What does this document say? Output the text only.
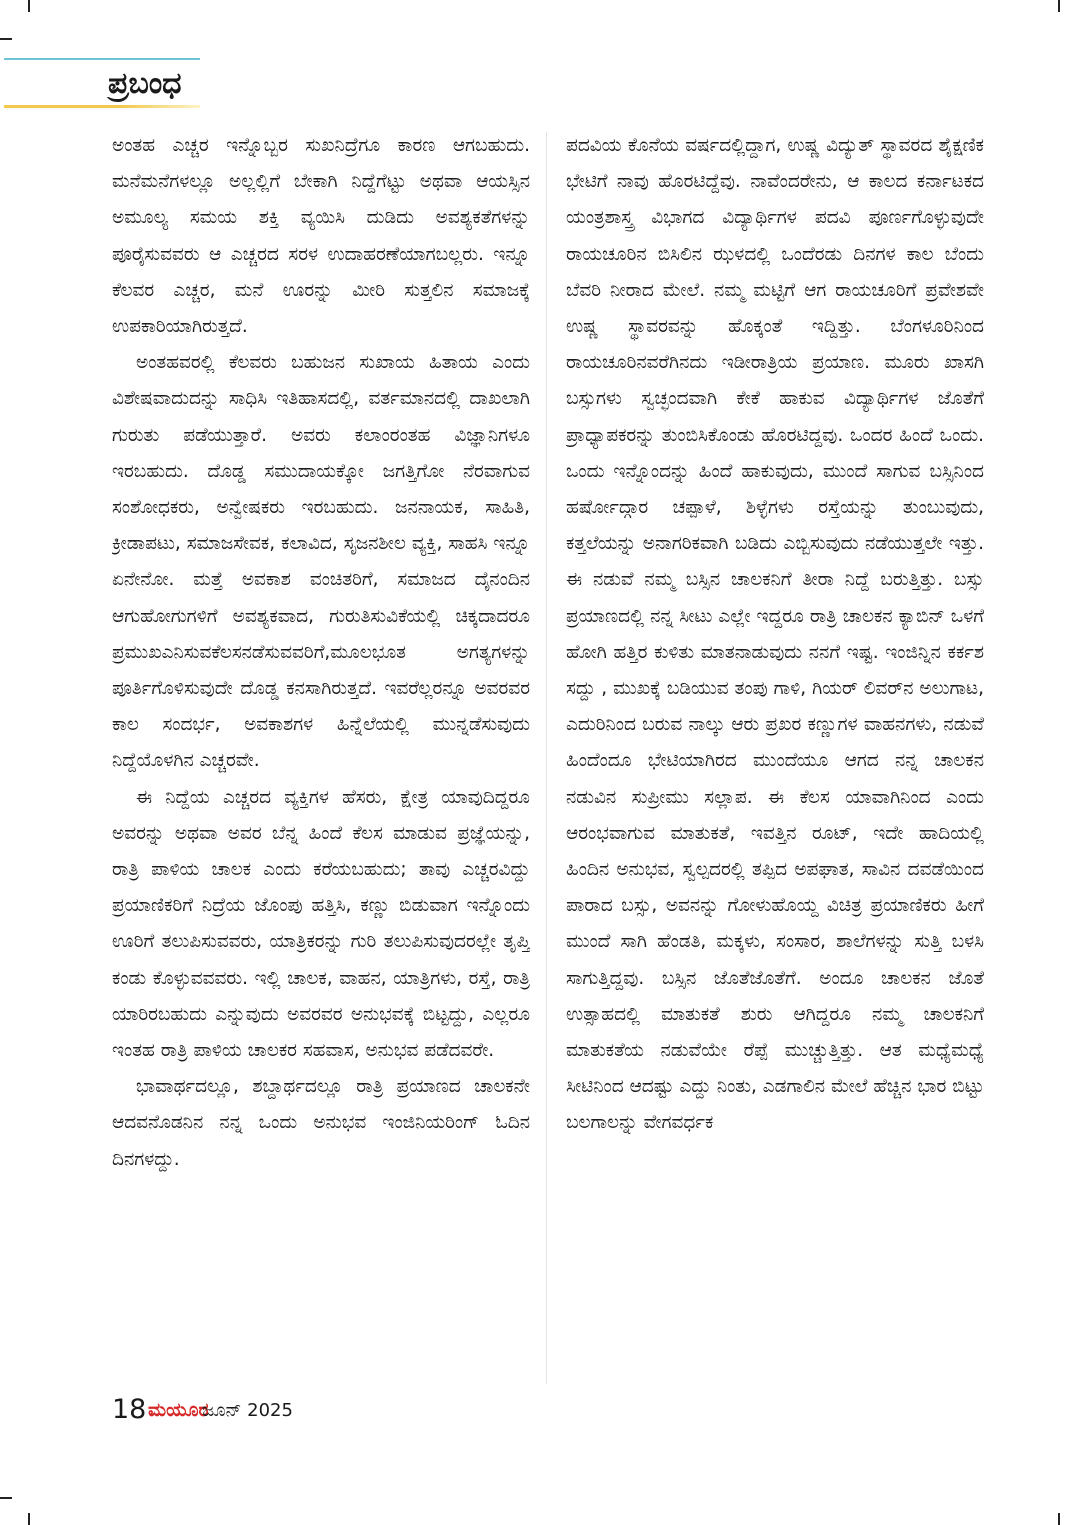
ಪ್ರಬಂಧ

ಅಂತಹ ಎಚ್ಚರ ಇನ್ನೊಬ್ಬರ ಸುಖನಿದ್ರೆಗೂ ಕಾರಣ ಆಗಬಹುದು. ಮನೆಮನೆಗಳಲ್ಲೂ ಅಲ್ಲಲ್ಲಿಗೆ ಬೇಕಾಗಿ ನಿದ್ದೆಗೆಟ್ಟು ಅಥವಾ ಆಯಸ್ಸಿನ ಅಮೂಲ್ಯ ಸಮಯ ಶಕ್ತಿ ವ್ಯಯಿಸಿ ದುಡಿದು ಅವಶ್ಯಕತೆಗಳನ್ನು ಪೂರೈಸುವವರು ಆ ಎಚ್ಚರದ ಸರಳ ಉದಾಹರಣೆಯಾಗಬಲ್ಲರು. ಇನ್ನೂ ಕೆಲವರ ಎಚ್ಚರ, ಮನೆ ಊರನ್ನು ಮೀರಿ ಸುತ್ತಲಿನ ಸಮಾಜಕ್ಕೆ ಉಪಕಾರಿಯಾಗಿರುತ್ತದೆ.

ಅಂತಹವರಲ್ಲಿ ಕೆಲವರು ಬಹುಜನ ಸುಖಾಯ ಹಿತಾಯ ಎಂದು ವಿಶೇಷವಾದುದನ್ನು ಸಾಧಿಸಿ ಇತಿಹಾಸದಲ್ಲಿ, ವರ್ತಮಾನದಲ್ಲಿ ದಾಖಲಾಗಿ ಗುರುತು ಪಡೆಯುತ್ತಾರೆ. ಅವರು ಕಲಾಂರಂತಹ ವಿಜ್ಞಾನಿಗಳೂ ಇರಬಹುದು. ದೊಡ್ಡ ಸಮುದಾಯಕ್ಕೋ ಜಗತ್ತಿಗೋ ನೆರವಾಗುವ ಸಂಶೋಧಕರು, ಅನ್ವೇಷಕರು ಇರಬಹುದು. ಜನನಾಯಕ, ಸಾಹಿತಿ, ಕ್ರೀಡಾಪಟು, ಸಮಾಜಸೇವಕ, ಕಲಾವಿದ, ಸೃಜನಶೀಲ ವ್ಯಕ್ತಿ, ಸಾಹಸಿ ಇನ್ನೂ ಏನೇನೋ. ಮತ್ತೆ ಅವಕಾಶ ವಂಚಿತರಿಗೆ, ಸಮಾಜದ ದೈನಂದಿನ ಆಗುಹೋಗುಗಳಿಗೆ ಅವಶ್ಯಕವಾದ, ಗುರುತಿಸುವಿಕೆಯಲ್ಲಿ ಚಿಕ್ಕದಾದರೂ ಪ್ರಮುಖಎನಿಸುವಕೆಲಸನಡೆಸುವವರಿಗೆ,ಮೂಲಭೂತ ಅಗತ್ಯಗಳನ್ನು ಪೂರ್ತಿಗೊಳಿಸುವುದೇ ದೊಡ್ಡ ಕನಸಾಗಿರುತ್ತದೆ. ಇವರೆಲ್ಲರನ್ನೂ ಅವರವರ ಕಾಲ ಸಂದರ್ಭ, ಅವಕಾಶಗಳ ಹಿನ್ನೆಲೆಯಲ್ಲಿ ಮುನ್ನಡೆಸುವುದು ನಿದ್ದೆಯೊಳಗಿನ ಎಚ್ಚರವೇ.

ಈ ನಿದ್ದೆಯ ಎಚ್ಚರದ ವ್ಯಕ್ತಿಗಳ ಹೆಸರು, ಕ್ಷೇತ್ರ ಯಾವುದಿದ್ದರೂ ಅವರನ್ನು ಅಥವಾ ಅವರ ಬೆನ್ನ ಹಿಂದೆ ಕೆಲಸ ಮಾಡುವ ಪ್ರಜ್ಞೆಯನ್ನು, ರಾತ್ರಿ ಪಾಳಿಯ ಚಾಲಕ ಎಂದು ಕರೆಯಬಹುದು; ತಾವು ಎಚ್ಚರವಿದ್ದು ಪ್ರಯಾಣಿಕರಿಗೆ ನಿದ್ರೆಯ ಜೊಂಪು ಹತ್ತಿಸಿ, ಕಣ್ಣು ಬಿಡುವಾಗ ಇನ್ನೊಂದು ಊರಿಗೆ ತಲುಪಿಸುವವರು, ಯಾತ್ರಿಕರನ್ನು ಗುರಿ ತಲುಪಿಸುವುದರಲ್ಲೇ ತೃಪ್ತಿ ಕಂಡು ಕೊಳ್ಳುವವವರು. ಇಲ್ಲಿ ಚಾಲಕ, ವಾಹನ, ಯಾತ್ರಿಗಳು, ರಸ್ತೆ, ರಾತ್ರಿ ಯಾರಿರಬಹುದು ಎನ್ನುವುದು ಅವರವರ ಅನುಭವಕ್ಕೆ ಬಿಟ್ಟದ್ದು, ಎಲ್ಲರೂ ಇಂತಹ ರಾತ್ರಿ ಪಾಳಿಯ ಚಾಲಕರ ಸಹವಾಸ, ಅನುಭವ ಪಡೆದವರೇ.

ಭಾವಾರ್ಥದಲ್ಲೂ, ಶಬ್ದಾರ್ಥದಲ್ಲೂ ರಾತ್ರಿ ಪ್ರಯಾಣದ ಚಾಲಕನೇ ಆದವನೊಡನಿನ ನನ್ನ ಒಂದು ಅನುಭವ ಇಂಜಿನಿಯರಿಂಗ್ ಓದಿನ ದಿನಗಳದ್ದು.

ಪದವಿಯ ಕೊನೆಯ ವರ್ಷದಲ್ಲಿದ್ದಾಗ, ಉಷ್ಣ ವಿದ್ಯುತ್ ಸ್ಥಾವರದ ಶೈಕ್ಷಣಿಕ ಭೇಟಿಗೆ ನಾವು ಹೊರಟಿದ್ದೆವು. ನಾವೆಂದರೇನು, ಆ ಕಾಲದ ಕರ್ನಾಟಕದ ಯಂತ್ರಶಾಸ್ತ್ರ ವಿಭಾಗದ ವಿದ್ಯಾರ್ಥಿಗಳ ಪದವಿ ಪೂರ್ಣಗೊಳ್ಳುವುದೇ ರಾಯಚೂರಿನ ಬಿಸಿಲಿನ ಝಳದಲ್ಲಿ ಒಂದೆರಡು ದಿನಗಳ ಕಾಲ ಬೆಂದು ಬೆವರಿ ನೀರಾದ ಮೇಲೆ. ನಮ್ಮ ಮಟ್ಟಿಗೆ ಆಗ ರಾಯಚೂರಿಗೆ ಪ್ರವೇಶವೇ ಉಷ್ಣ ಸ್ಥಾವರವನ್ನು ಹೊಕ್ಕಂತೆ ಇದ್ದಿತ್ತು. ಬೆಂಗಳೂರಿನಿಂದ ರಾಯಚೂರಿನವರೆಗಿನದು ಇಡೀರಾತ್ರಿಯ ಪ್ರಯಾಣ. ಮೂರು ಖಾಸಗಿ ಬಸ್ಸುಗಳು ಸ್ವಚ್ಛಂದವಾಗಿ ಕೇಕೆ ಹಾಕುವ ವಿದ್ಯಾರ್ಥಿಗಳ ಜೊತೆಗೆ ಪ್ರಾಧ್ಯಾಪಕರನ್ನು ತುಂಬಿಸಿಕೊಂಡು ಹೊರಟಿದ್ದವು. ಒಂದರ ಹಿಂದೆ ಒಂದು. ಒಂದು ಇನ್ನೊಂದನ್ನು ಹಿಂದೆ ಹಾಕುವುದು, ಮುಂದೆ ಸಾಗುವ ಬಸ್ಸಿನಿಂದ ಹರ್ಷೋದ್ಗಾರ ಚಪ್ಪಾಳೆ, ಶಿಳ್ಳೆಗಳು ರಸ್ತೆಯನ್ನು ತುಂಬುವುದು, ಕತ್ತಲೆಯನ್ನು ಅನಾಗರಿಕವಾಗಿ ಬಡಿದು ಎಬ್ಬಿಸುವುದು ನಡೆಯುತ್ತಲೇ ಇತ್ತು. ಈ ನಡುವೆ ನಮ್ಮ ಬಸ್ಸಿನ ಚಾಲಕನಿಗೆ ತೀರಾ ನಿದ್ದೆ ಬರುತ್ತಿತ್ತು. ಬಸ್ಸು ಪ್ರಯಾಣದಲ್ಲಿ ನನ್ನ ಸೀಟು ಎಲ್ಲೇ ಇದ್ದರೂ ರಾತ್ರಿ ಚಾಲಕನ ಕ್ಯಾಬಿನ್ ಒಳಗೆ ಹೋಗಿ ಹತ್ತಿರ ಕುಳಿತು ಮಾತನಾಡುವುದು ನನಗೆ ಇಷ್ಟ. ಇಂಜಿನ್ನಿನ ಕರ್ಕಶ ಸದ್ದು , ಮುಖಕ್ಕೆ ಬಡಿಯುವ ತಂಪು ಗಾಳಿ, ಗಿಯರ್ ಲಿವರ್‌ನ ಅಲುಗಾಟ, ಎದುರಿನಿಂದ ಬರುವ ನಾಲ್ಕು ಆರು ಪ್ರಖರ ಕಣ್ಣುಗಳ ವಾಹನಗಳು, ನಡುವೆ ಹಿಂದೆಂದೂ ಭೇಟಿಯಾಗಿರದ ಮುಂದೆಯೂ ಆಗದ ನನ್ನ ಚಾಲಕನ ನಡುವಿನ ಸುಪ್ರೀಮು ಸಲ್ಲಾಪ. ಈ ಕೆಲಸ ಯಾವಾಗಿನಿಂದ ಎಂದು ಆರಂಭವಾಗುವ ಮಾತುಕತೆ, ಇವತ್ತಿನ ರೂಟ್, ಇದೇ ಹಾದಿಯಲ್ಲಿ ಹಿಂದಿನ ಅನುಭವ, ಸ್ವಲ್ಪದರಲ್ಲಿ ತಪ್ಪಿದ ಅಪಘಾತ, ಸಾವಿನ ದವಡೆಯಿಂದ ಪಾರಾದ ಬಸ್ಸು, ಅವನನ್ನು ಗೋಳುಹೊಯ್ದ ವಿಚಿತ್ರ ಪ್ರಯಾಣಿಕರು ಹೀಗೆ ಮುಂದೆ ಸಾಗಿ ಹೆಂಡತಿ, ಮಕ್ಕಳು, ಸಂಸಾರ, ಶಾಲೆಗಳನ್ನು ಸುತ್ತಿ ಬಳಸಿ ಸಾಗುತ್ತಿದ್ದವು. ಬಸ್ಸಿನ ಜೊತೆಜೊತೆಗೆ. ಅಂದೂ ಚಾಲಕನ ಜೊತೆ ಉತ್ಸಾಹದಲ್ಲಿ ಮಾತುಕತೆ ಶುರು ಆಗಿದ್ದರೂ ನಮ್ಮ ಚಾಲಕನಿಗೆ ಮಾತುಕತೆಯ ನಡುವೆಯೇ ರೆಪ್ಪೆ ಮುಚ್ಚುತ್ತಿತ್ತು. ಆತ ಮಧ್ಯೆಮಧ್ಯೆ ಸೀಟಿನಿಂದ ಆದಷ್ಟು ಎದ್ದು ನಿಂತು, ಎಡಗಾಲಿನ ಮೇಲೆ ಹೆಚ್ಚಿನ ಭಾರ ಬಿಟ್ಟು ಬಲಗಾಲನ್ನು ವೇಗವರ್ಧಕ

18 ಮಯೂರ
ಜೂನ್ 2025
